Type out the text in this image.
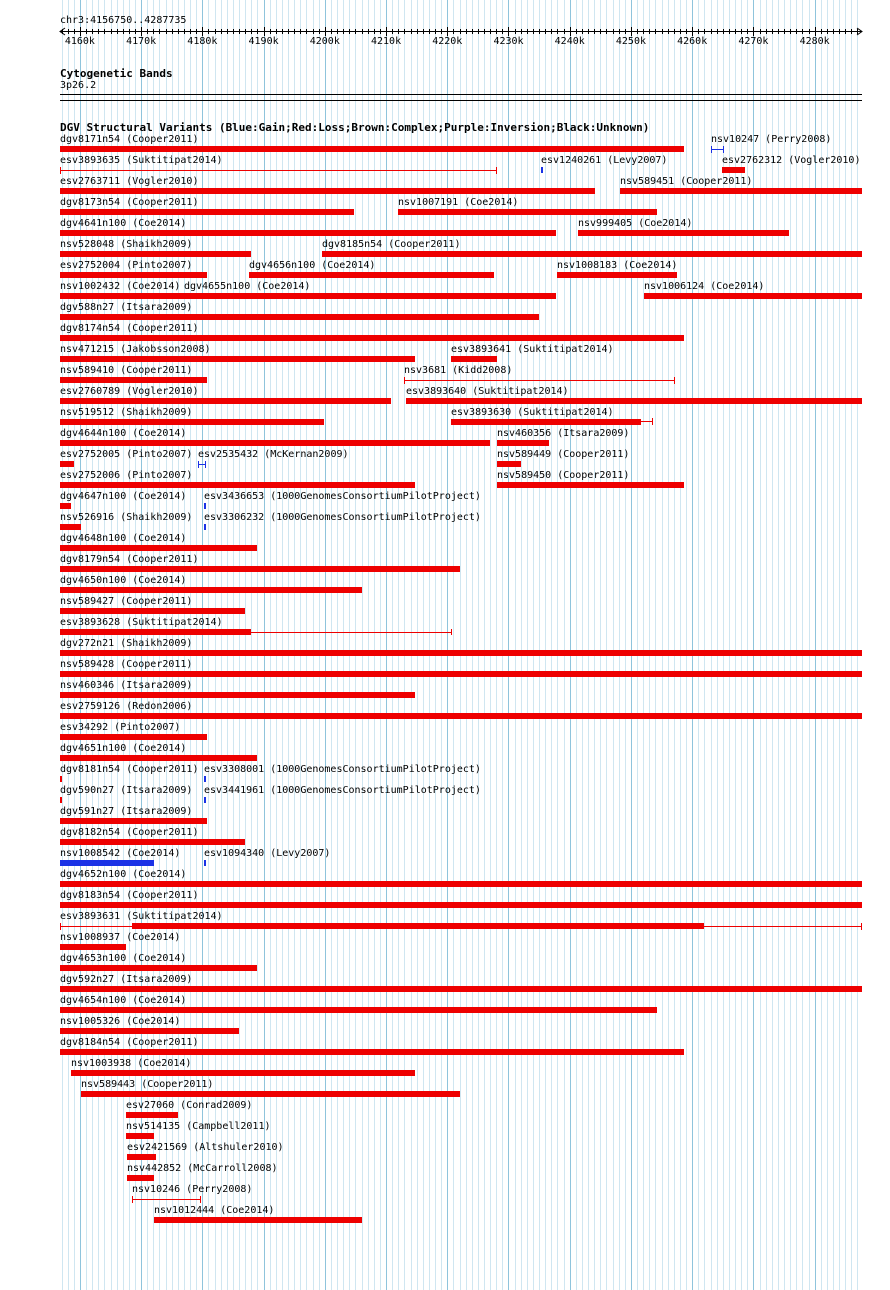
chr3:4156750..4287735
4160k	4170k	4180k	4190k	4200k	4210k	4220k	4230k	4240k	4250k	4260k	4270k	4280k
Cytogenetic Bands
3p26.2
DGV Structural Variants (Blue:Gain;Red:Loss;Brown:Complex;Purple:Inversion;Black:Unknown)
dgv8171n54 (Cooper2011)	nsv10247 (Perry2008)
esv3893635 (Suktitipat2014)	esv1240261 (Levy2007)	esv2762312 (Vogler2010)
esv2763711 (Vogler2010)	nsv589451 (Cooper2011)
dgv8173n54 (Cooper2011)	nsv1007191 (Coe2014)
dgv4641n100 (Coe2014)	nsv999405 (Coe2014)
nsv528048 (Shaikh2009)	dgv8185n54 (Cooper2011)
esv2752004 (Pinto2007)	dgv4656n100 (Coe2014)	nsv1008183 (Coe2014)
nsv1002432 (Coe2014) dgv4655n100 (Coe2014)	nsv1006124 (Coe2014)
dgv588n27 (Itsara2009)
dgv8174n54 (Cooper2011)
nsv471215 (Jakobsson2008)	esv3893641 (Suktitipat2014)
nsv589410 (Cooper2011)	nsv3681 (Kidd2008)
esv2760789 (Vogler2010)	esv3893640 (Suktitipat2014)
nsv519512 (Shaikh2009)	esv3893630 (Suktitipat2014)
dgv4644n100 (Coe2014)	nsv460356 (Itsara2009)
esv2752005 (Pinto2007) esv2535432 (McKernan2009)	nsv589449 (Cooper2011)
esv2752006 (Pinto2007)	nsv589450 (Cooper2011)
dgv4647n100 (Coe2014) esv3436653 (1000GenomesConsortiumPilotProject)
nsv526916 (Shaikh2009) esv3306232 (1000GenomesConsortiumPilotProject)
dgv4648n100 (Coe2014)
dgv8179n54 (Cooper2011)
dgv4650n100 (Coe2014)
nsv589427 (Cooper2011)
esv3893628 (Suktitipat2014)
dgv272n21 (Shaikh2009)
nsv589428 (Cooper2011)
nsv460346 (Itsara2009)
esv2759126 (Redon2006)
esv34292 (Pinto2007)
dgv4651n100 (Coe2014)
dgv8181n54 (Cooper2011) esv3308001 (1000GenomesConsortiumPilotProject)
dgv590n27 (Itsara2009) esv3441961 (1000GenomesConsortiumPilotProject)
dgv591n27 (Itsara2009)
dgv8182n54 (Cooper2011)
nsv1008542 (Coe2014) esv1094340 (Levy2007)
dgv4652n100 (Coe2014)
dgv8183n54 (Cooper2011)
esv3893631 (Suktitipat2014)
nsv1008937 (Coe2014)
dgv4653n100 (Coe2014)
dgv592n27 (Itsara2009)
dgv4654n100 (Coe2014)
nsv1005326 (Coe2014)
dgv8184n54 (Cooper2011)
nsv1003938 (Coe2014)
nsv589443 (Cooper2011)
esv27060 (Conrad2009)
nsv514135 (Campbell2011)
esv2421569 (Altshuler2010)
nsv442852 (McCarroll2008)
nsv10246 (Perry2008)
nsv1012444 (Coe2014)
